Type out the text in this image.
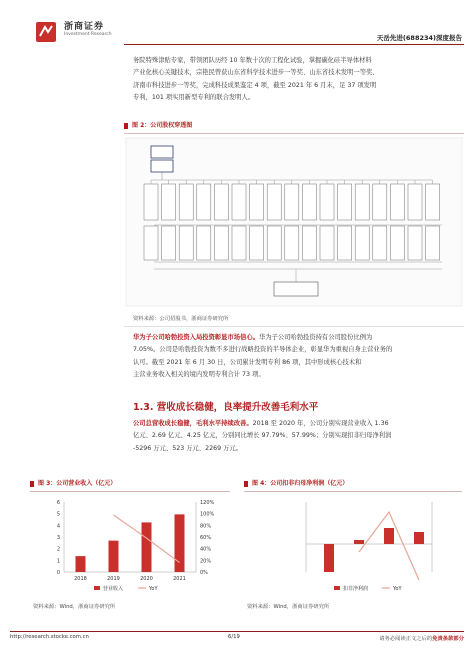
浙商证券
Investment Research	天岳先进(688234)深度报告
务院特殊津贴专家，带领团队历经 10 年数十次的工程化试验，掌握碳化硅半导体材料
产业化核心关键技术，宗艳民曾获山东省科学技术进步一等奖、山东省技术发明一等奖、
济南市科技进步一等奖，完成科技成果鉴定 4 项，截至 2021 年 6 月末，足 37 项发明
专利，101 项实用新型专利的联合发明人。
图 2：公司股权穿透图
资料来源：公司招股书，浙商证券研究所
华为子公司哈勃投资入局投资彰显市场信心。华为子公司哈勃投资持有公司股份比例为
7.05%。公司是哈勃投资为数不多进行战略投资的半导体企业，彰显华为重视自身主营业务的
认可。截至 2021 年 6 月 30 日，公司累计发明专利 86 项，其中形成核心技术和
主营业务收入相关的境内发明专利合计 73 项。
1.3. 营收成长稳健，良率提升改善毛利水平
公司总营收成长稳健，毛利水平持续改善。2018 至 2020 年，公司分别实现营业收入 1.36
亿元、2.69 亿元、4.25 亿元，分别同比增长 97.79%、57.99%；分别实现扣非归母净利润
-5296 万元、523 万元、2269 万元。
图 3：公司营业收入（亿元）	图 4：公司扣非归母净利润（亿元）
0
1
2
3
4
5
6
0%
20%
40%
60%
80%
100%
120%
2018	2019	2020	2021
营业收入	YoY	扣非净利润	YoY
资料来源：Wind，浙商证券研究所	资料来源：Wind，浙商证券研究所
http://research.stocke.com.cn	6/19	请务必阅读正文之后的免责条款部分
